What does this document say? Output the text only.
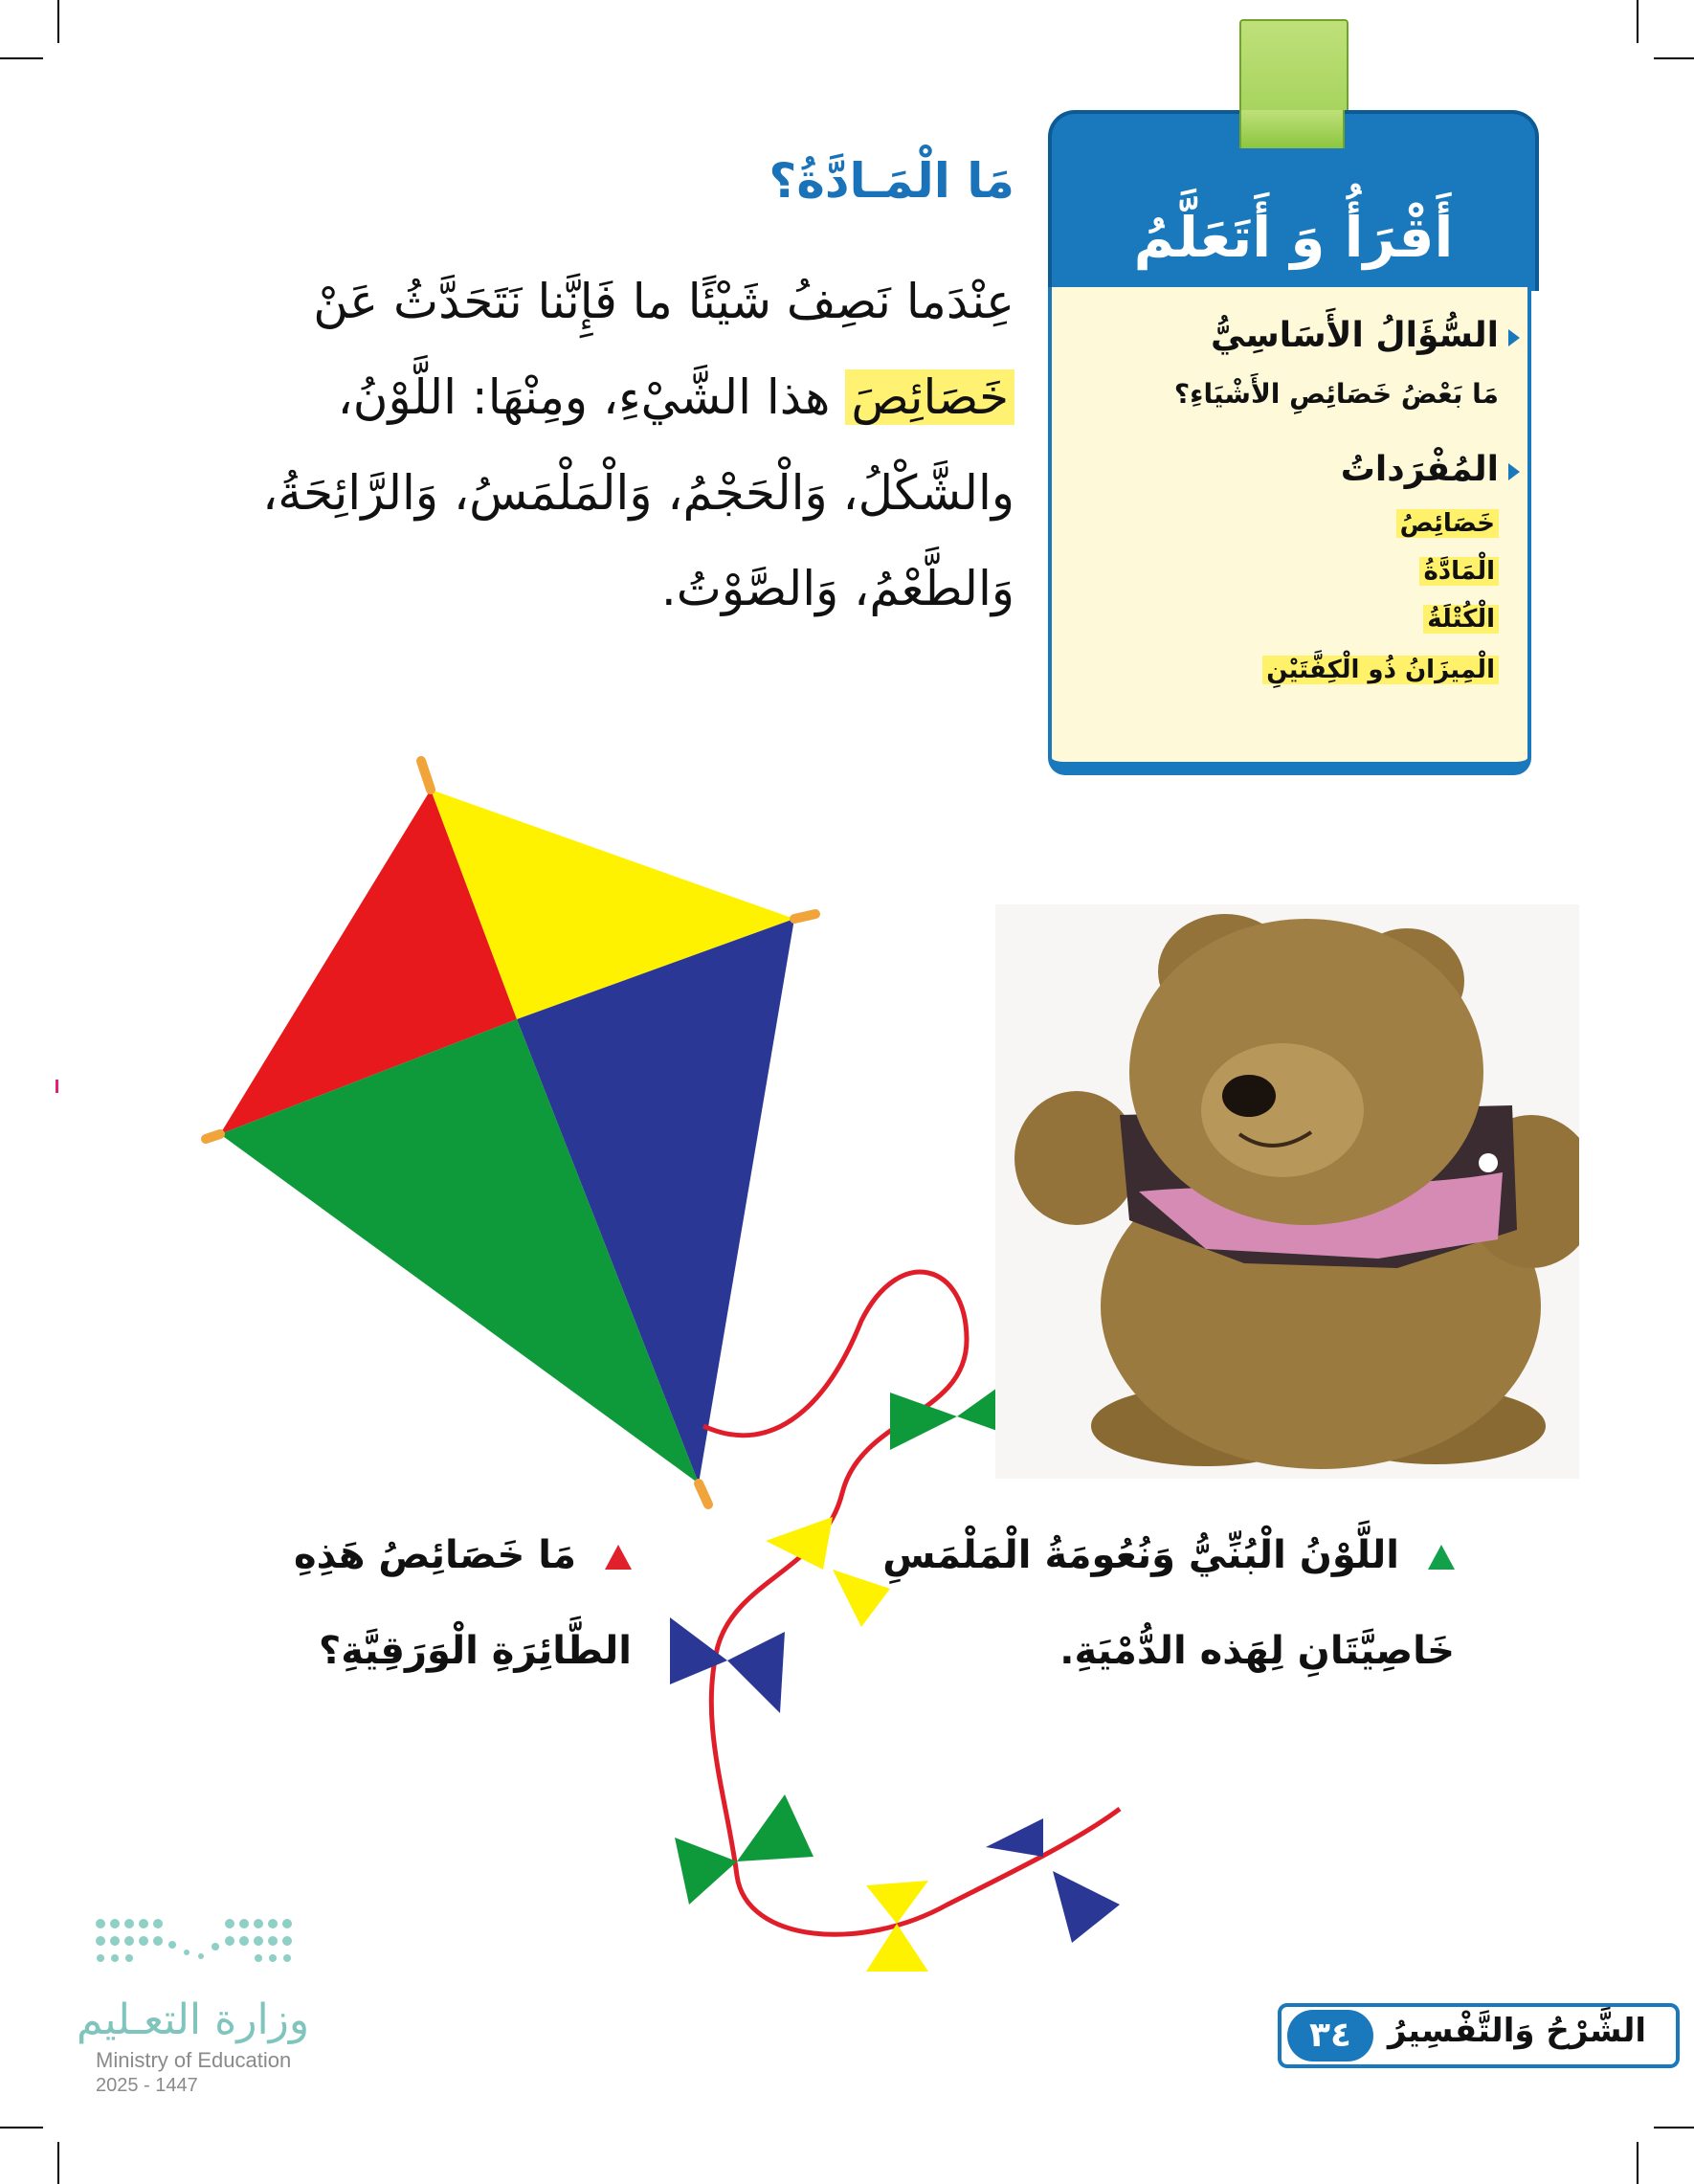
مَا الْمَـادَّةُ؟
عِنْدَما نَصِفُ شَيْئًا ما فَإِنَّنا نَتَحَدَّثُ عَنْ خَصَائِصَ هذا الشَّيْءِ، ومِنْهَا: اللَّوْنُ، والشَّكْلُ، وَالْحَجْمُ، وَالْمَلْمَسُ، وَالرَّائِحَةُ، وَالطَّعْمُ، وَالصَّوْتُ.
أَقْرَأُ وَ أَتَعَلَّمُ
السُّؤَالُ الأَسَاسِيُّ
مَا بَعْضُ خَصَائِصِ الأَشْيَاءِ؟
المُفْرَداتُ
خَصَائِصُ
الْمَادَّةُ
الْكُتْلَةُ
الْمِيزَانُ ذُو الْكِفَّتَيْنِ
اللَّوْنُ الْبُنِّيُّ وَنُعُومَةُ الْمَلْمَسِ
خَاصِيَّتَانِ لِهَذه الدُّمْيَةِ.
مَا خَصَائِصُ هَذِهِ
الطَّائِرَةِ الْوَرَقِيَّةِ؟
٣٤	الشَّرْحُ وَالتَّفْسِيرُ
وزارة التعـليم
Ministry of Education
2025 - 1447
